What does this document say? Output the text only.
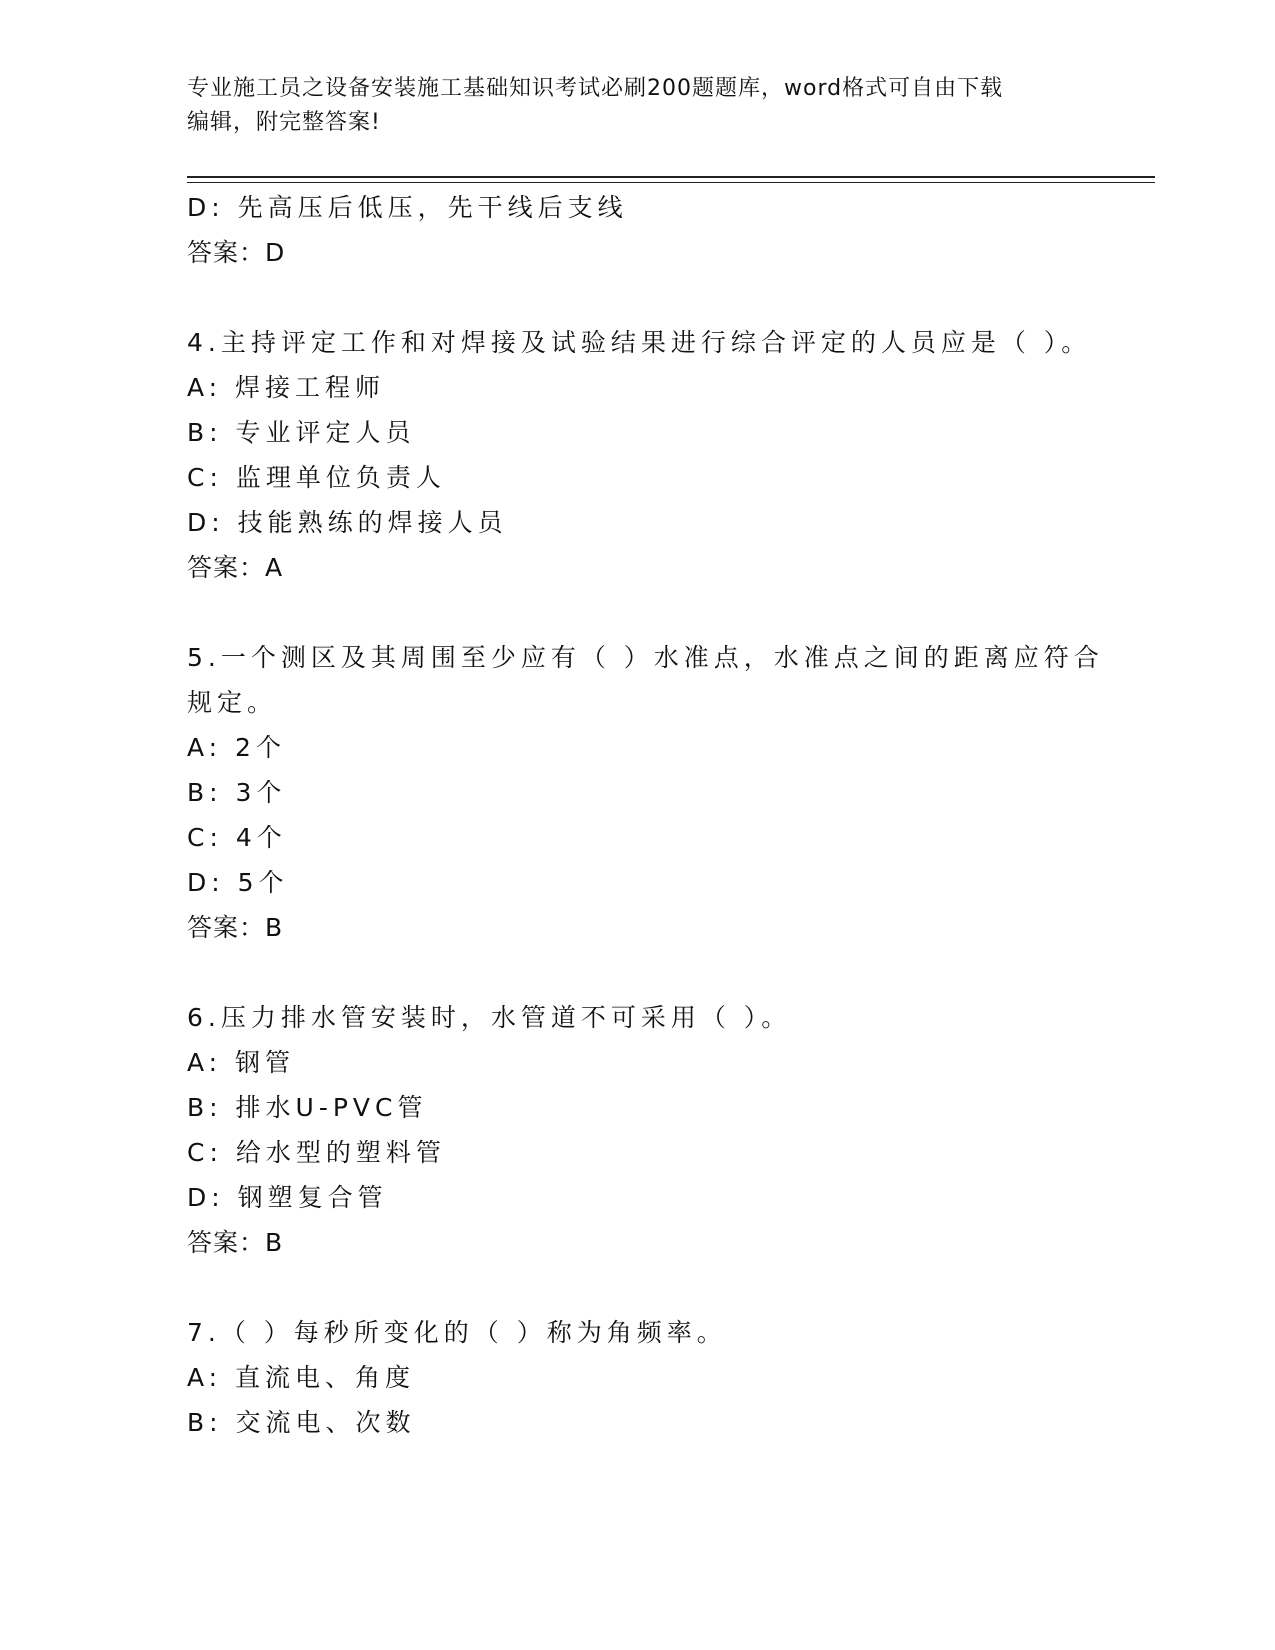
专业施工员之设备安装施工基础知识考试必刷200题题库，word格式可自由下载
编辑，附完整答案!
D: 先高压后低压，先干线后支线
答案：D
4.主持评定工作和对焊接及试验结果进行综合评定的人员应是（ ）。
A: 焊接工程师
B: 专业评定人员
C: 监理单位负责人
D: 技能熟练的焊接人员
答案：A
5.一个测区及其周围至少应有（ ）水准点，水准点之间的距离应符合
规定。
A: 2个
B: 3个
C: 4个
D: 5个
答案：B
6.压力排水管安装时，水管道不可采用（ ）。
A: 钢管
B: 排水U-PVC管
C: 给水型的塑料管
D: 钢塑复合管
答案：B
7.（ ）每秒所变化的（ ）称为角频率。
A: 直流电、角度
B: 交流电、次数
